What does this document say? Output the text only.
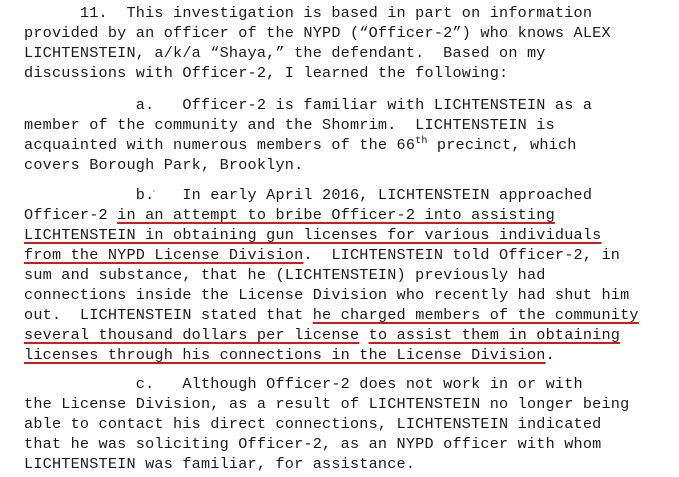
11.  This investigation is based in part on information
provided by an officer of the NYPD (“Officer-2”) who knows ALEX
LICHTENSTEIN, a/k/a “Shaya,” the defendant.  Based on my
discussions with Officer-2, I learned the following:
a.   Officer-2 is familiar with LICHTENSTEIN as a
member of the community and the Shomrim.  LICHTENSTEIN is
acquainted with numerous members of the 66th precinct, which
covers Borough Park, Brooklyn.
b.   In early April 2016, LICHTENSTEIN approached
Officer-2 in an attempt to bribe Officer-2 into assisting
LICHTENSTEIN in obtaining gun licenses for various individuals
from the NYPD License Division.  LICHTENSTEIN told Officer-2, in
sum and substance, that he (LICHTENSTEIN) previously had
connections inside the License Division who recently had shut him
out.  LICHTENSTEIN stated that he charged members of the community
several thousand dollars per license to assist them in obtaining
licenses through his connections in the License Division.
c.   Although Officer-2 does not work in or with
the License Division, as a result of LICHTENSTEIN no longer being
able to contact his direct connections, LICHTENSTEIN indicated
that he was soliciting Officer-2, as an NYPD officer with whom
LICHTENSTEIN was familiar, for assistance.
